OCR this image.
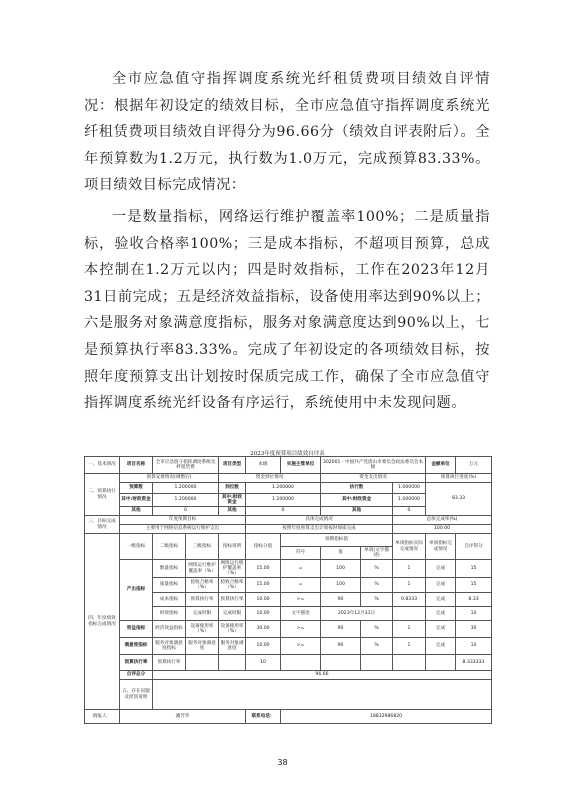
全市应急值守指挥调度系统光纤租赁费项目绩效自评情况：根据年初设定的绩效目标，全市应急值守指挥调度系统光纤租赁费项目绩效自评得分为96.66分（绩效自评表附后）。全年预算数为1.2万元，执行数为1.0万元，完成预算83.33%。项目绩效目标完成情况：

一是数量指标，网络运行维护覆盖率100%；二是质量指标，验收合格率100%；三是成本指标，不超项目预算，总成本控制在1.2万元以内；四是时效指标，工作在2023年12月31日前完成；五是经济效益指标，设备使用率达到90%以上；六是服务对象满意度指标，服务对象满意度达到90%以上，七是预算执行率83.33%。完成了年初设定的各项绩效目标，按照年度预算支出计划按时保质完成工作，确保了全市应急值守指挥调度系统光纤设备有序运行，系统使用中未发现问题。

2023年度预算项目绩效自评表
一、基本情况	项目名称	全市应急值守指挥调度系统光纤租赁费		项目类型	本级	实施主管单位	302001 - 中国共产党唐山市委员会政法委员会本级			金额单位	万元
二、预算执行情况	预算安排情况(调整后)			资金到位情况			资金支出情况			预算执行进度(%)	
	预算数	1.200000		到位数	1.200000		执行数		1.000000	83.33	
	其中:财政资金	1.200000		其中:财政资金	1.200000		其中:财政资金		1.000000		
	其他	0		其他	0		其他		0		
三、目标完成情况	年度预期目标				具体完成情况				总体完成率(%)		
	主要用于网络信息系统运行维护支出				按照年度预算支出计划按时保质完成				100.00		
四、年度绩效指标完成情况	一级指标	二级指标	三级指标	指标说明	指标分值	预期指标值			单项指标实际完成情况	单项指标完成情况	自评得分
						符号	值	单项(文字描述)			
	产出指标	数量指标	网络运行维护覆盖率（%）	网络运行维护覆盖率（%）	15.00	=	100	%	1	完成	15
		质量指标	验收合格率（%）	验收合格率（%）	15.00	=	100	%	1	完成	15
		成本指标	预算执行率	预算执行率	10.00	>=	90	%	0.8333	完成	8.33
		时效指标	完成时限	完成时限	10.00	文字描述	2023年12月31日			完成	10
	效益指标	经济效益指标	设备使用率（%）	设备使用率（%）	30.00	>=	90	%	1	完成	30
	满意度指标	服务对象满意度指标	服务对象满意度	服务对象满意度	10.00	>=	90	%	1	完成	10
	预算执行率	预算执行率			10						8.333333
	自评总分	96.66									
	五、存在问题及原因说明										
填报人：	潘芳华				联系电话：	18832986820					
38
